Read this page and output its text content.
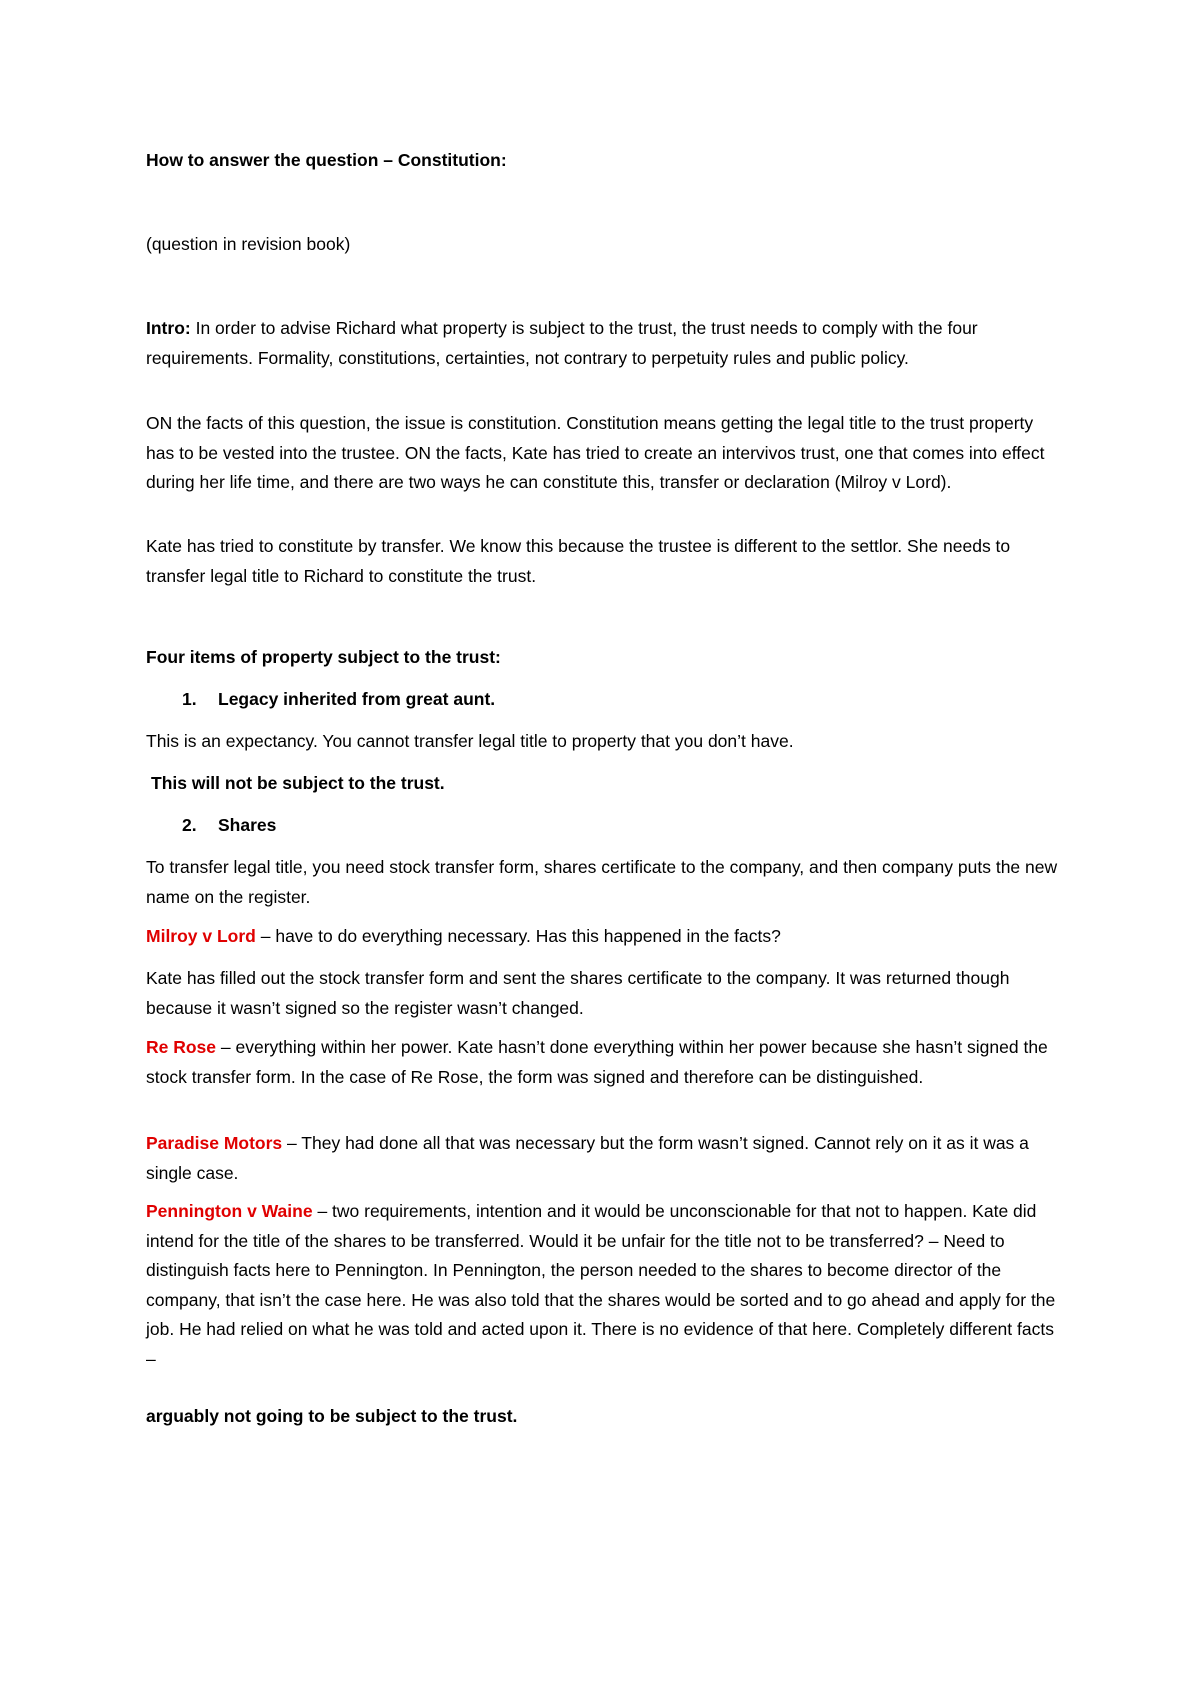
How to answer the question – Constitution:

(question in revision book)

Intro: In order to advise Richard what property is subject to the trust, the trust needs to comply with the four requirements. Formality, constitutions, certainties, not contrary to perpetuity rules and public policy.

ON the facts of this question, the issue is constitution. Constitution means getting the legal title to the trust property has to be vested into the trustee. ON the facts, Kate has tried to create an intervivos trust, one that comes into effect during her life time, and there are two ways he can constitute this, transfer or declaration (Milroy v Lord).

Kate has tried to constitute by transfer. We know this because the trustee is different to the settlor. She needs to transfer legal title to Richard to constitute the trust.

Four items of property subject to the trust:

1. Legacy inherited from great aunt.

This is an expectancy. You cannot transfer legal title to property that you don’t have.

This will not be subject to the trust.

2. Shares

To transfer legal title, you need stock transfer form, shares certificate to the company, and then company puts the new name on the register.

Milroy v Lord – have to do everything necessary. Has this happened in the facts?

Kate has filled out the stock transfer form and sent the shares certificate to the company. It was returned though because it wasn’t signed so the register wasn’t changed.

Re Rose – everything within her power. Kate hasn’t done everything within her power because she hasn’t signed the stock transfer form. In the case of Re Rose, the form was signed and therefore can be distinguished.

Paradise Motors – They had done all that was necessary but the form wasn’t signed. Cannot rely on it as it was a single case.

Pennington v Waine – two requirements, intention and it would be unconscionable for that not to happen. Kate did intend for the title of the shares to be transferred. Would it be unfair for the title not to be transferred? – Need to distinguish facts here to Pennington. In Pennington, the person needed to the shares to become director of the company, that isn’t the case here. He was also told that the shares would be sorted and to go ahead and apply for the job. He had relied on what he was told and acted upon it. There is no evidence of that here. Completely different facts –

arguably not going to be subject to the trust.
